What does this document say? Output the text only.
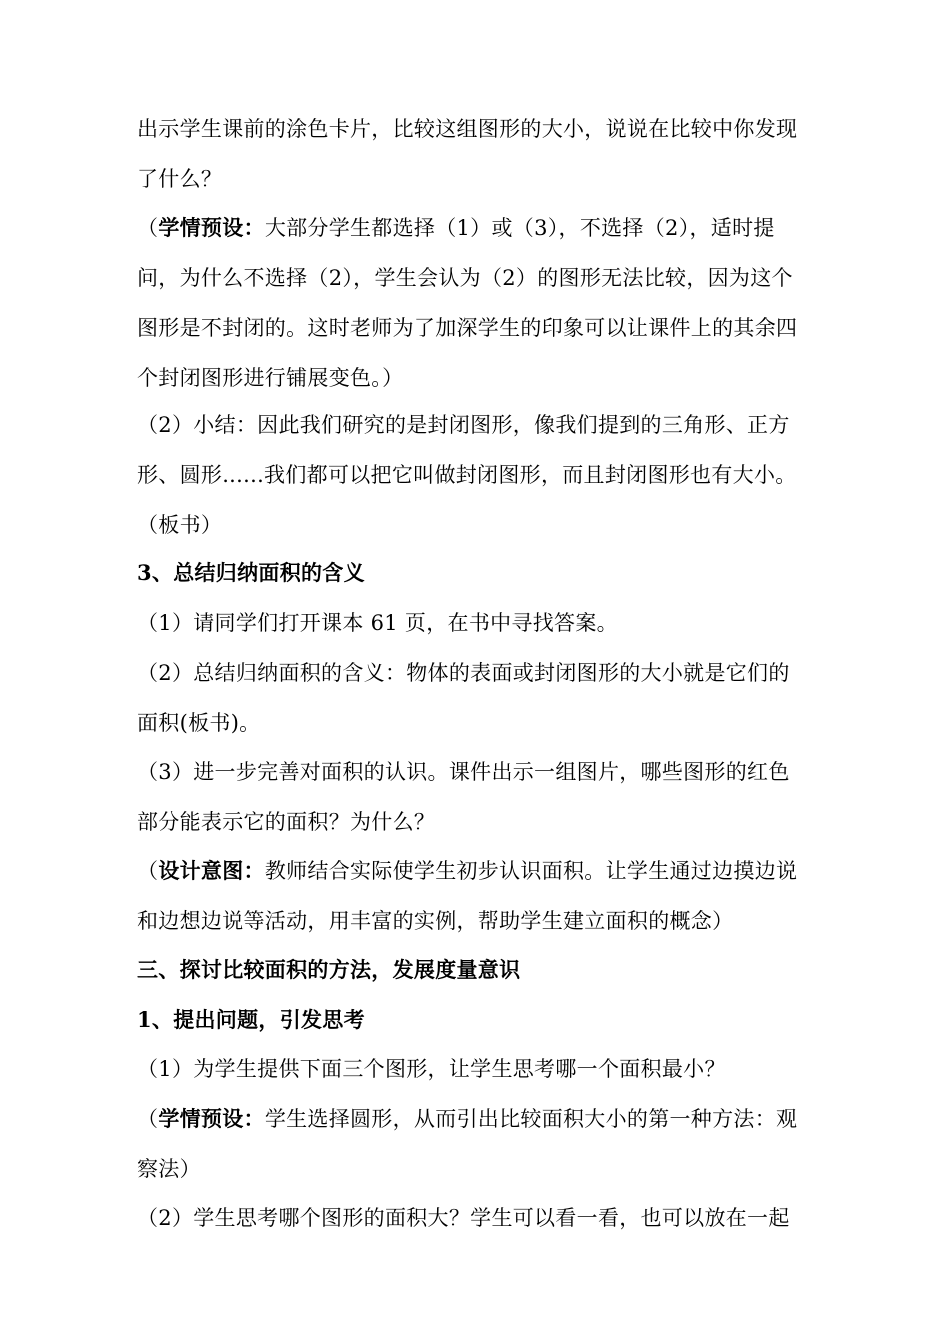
出示学生课前的涂色卡片，比较这组图形的大小，说说在比较中你发现
了什么？
（学情预设：大部分学生都选择（1）或（3），不选择（2），适时提
问，为什么不选择（2），学生会认为（2）的图形无法比较，因为这个
图形是不封闭的。这时老师为了加深学生的印象可以让课件上的其余四
个封闭图形进行铺展变色。）
（2）小结：因此我们研究的是封闭图形，像我们提到的三角形、正方
形、圆形......我们都可以把它叫做封闭图形，而且封闭图形也有大小。
（板书）
3、总结归纳面积的含义
（1）请同学们打开课本 61 页，在书中寻找答案。
（2）总结归纳面积的含义：物体的表面或封闭图形的大小就是它们的
面积(板书)。
（3）进一步完善对面积的认识。课件出示一组图片，哪些图形的红色
部分能表示它的面积？为什么？
（设计意图：教师结合实际使学生初步认识面积。让学生通过边摸边说
和边想边说等活动，用丰富的实例，帮助学生建立面积的概念）
三、探讨比较面积的方法，发展度量意识
1、提出问题，引发思考
（1）为学生提供下面三个图形，让学生思考哪一个面积最小？
（学情预设：学生选择圆形，从而引出比较面积大小的第一种方法：观
察法）
（2）学生思考哪个图形的面积大？学生可以看一看，也可以放在一起
